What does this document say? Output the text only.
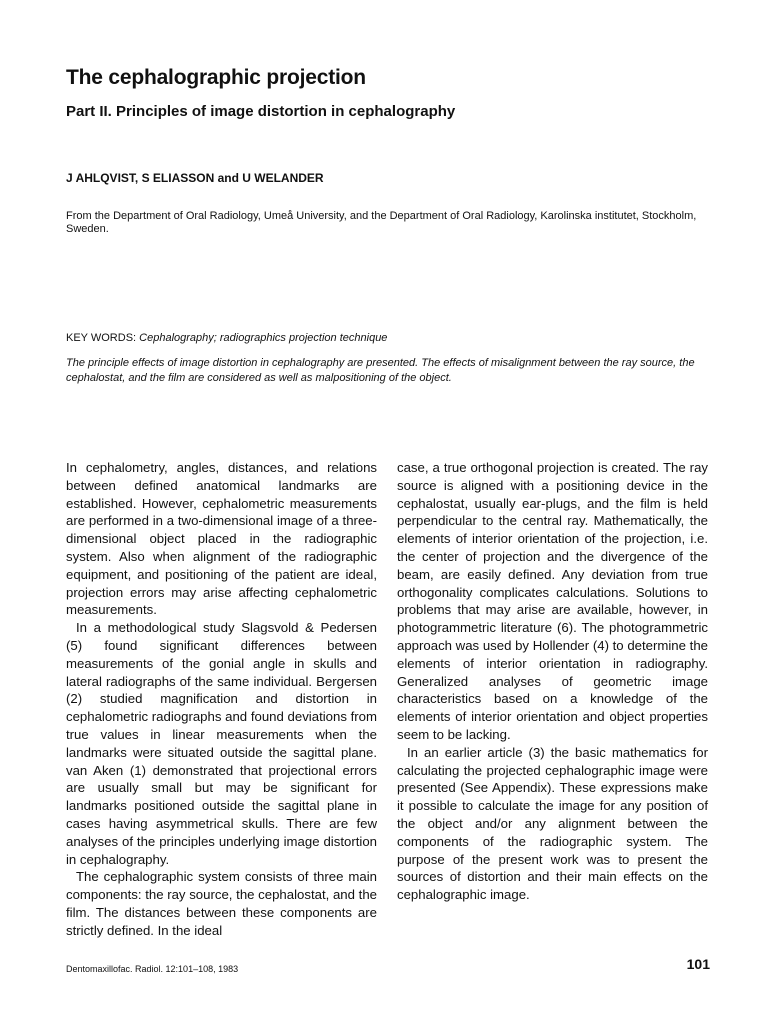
The cephalographic projection
Part II. Principles of image distortion in cephalography

J AHLQVIST, S ELIASSON and U WELANDER

From the Department of Oral Radiology, Umeå University, and the Department of Oral Radiology, Karolinska institutet, Stockholm, Sweden.

KEY WORDS: Cephalography; radiographics projection technique

The principle effects of image distortion in cephalography are presented. The effects of misalignment between the ray source, the cephalostat, and the film are considered as well as malpositioning of the object.

In cephalometry, angles, distances, and relations between defined anatomical landmarks are established. However, cephalometric measurements are performed in a two-dimensional image of a three-dimensional object placed in the radiographic system. Also when alignment of the radiographic equipment, and positioning of the patient are ideal, projection errors may arise affecting cephalometric measurements.

In a methodological study Slagsvold & Pedersen (5) found significant differences between measurements of the gonial angle in skulls and lateral radiographs of the same individual. Bergersen (2) studied magnification and distortion in cephalometric radiographs and found deviations from true values in linear measurements when the landmarks were situated outside the sagittal plane. van Aken (1) demonstrated that projectional errors are usually small but may be significant for landmarks positioned outside the sagittal plane in cases having asymmetrical skulls. There are few analyses of the principles underlying image distortion in cephalography.

The cephalographic system consists of three main components: the ray source, the cephalostat, and the film. The distances between these components are strictly defined. In the ideal

case, a true orthogonal projection is created. The ray source is aligned with a positioning device in the cephalostat, usually ear-plugs, and the film is held perpendicular to the central ray. Mathematically, the elements of interior orientation of the projection, i.e. the center of projection and the divergence of the beam, are easily defined. Any deviation from true orthogonality complicates calculations. Solutions to problems that may arise are available, however, in photogrammetric literature (6). The photogrammetric approach was used by Hollender (4) to determine the elements of interior orientation in radiography. Generalized analyses of geometric image characteristics based on a knowledge of the elements of interior orientation and object properties seem to be lacking.

In an earlier article (3) the basic mathematics for calculating the projected cephalographic image were presented (See Appendix). These expressions make it possible to calculate the image for any position of the object and/or any alignment between the components of the radiographic system. The purpose of the present work was to present the sources of distortion and their main effects on the cephalographic image.

Dentomaxillofac. Radiol. 12:101–108, 1983	101
